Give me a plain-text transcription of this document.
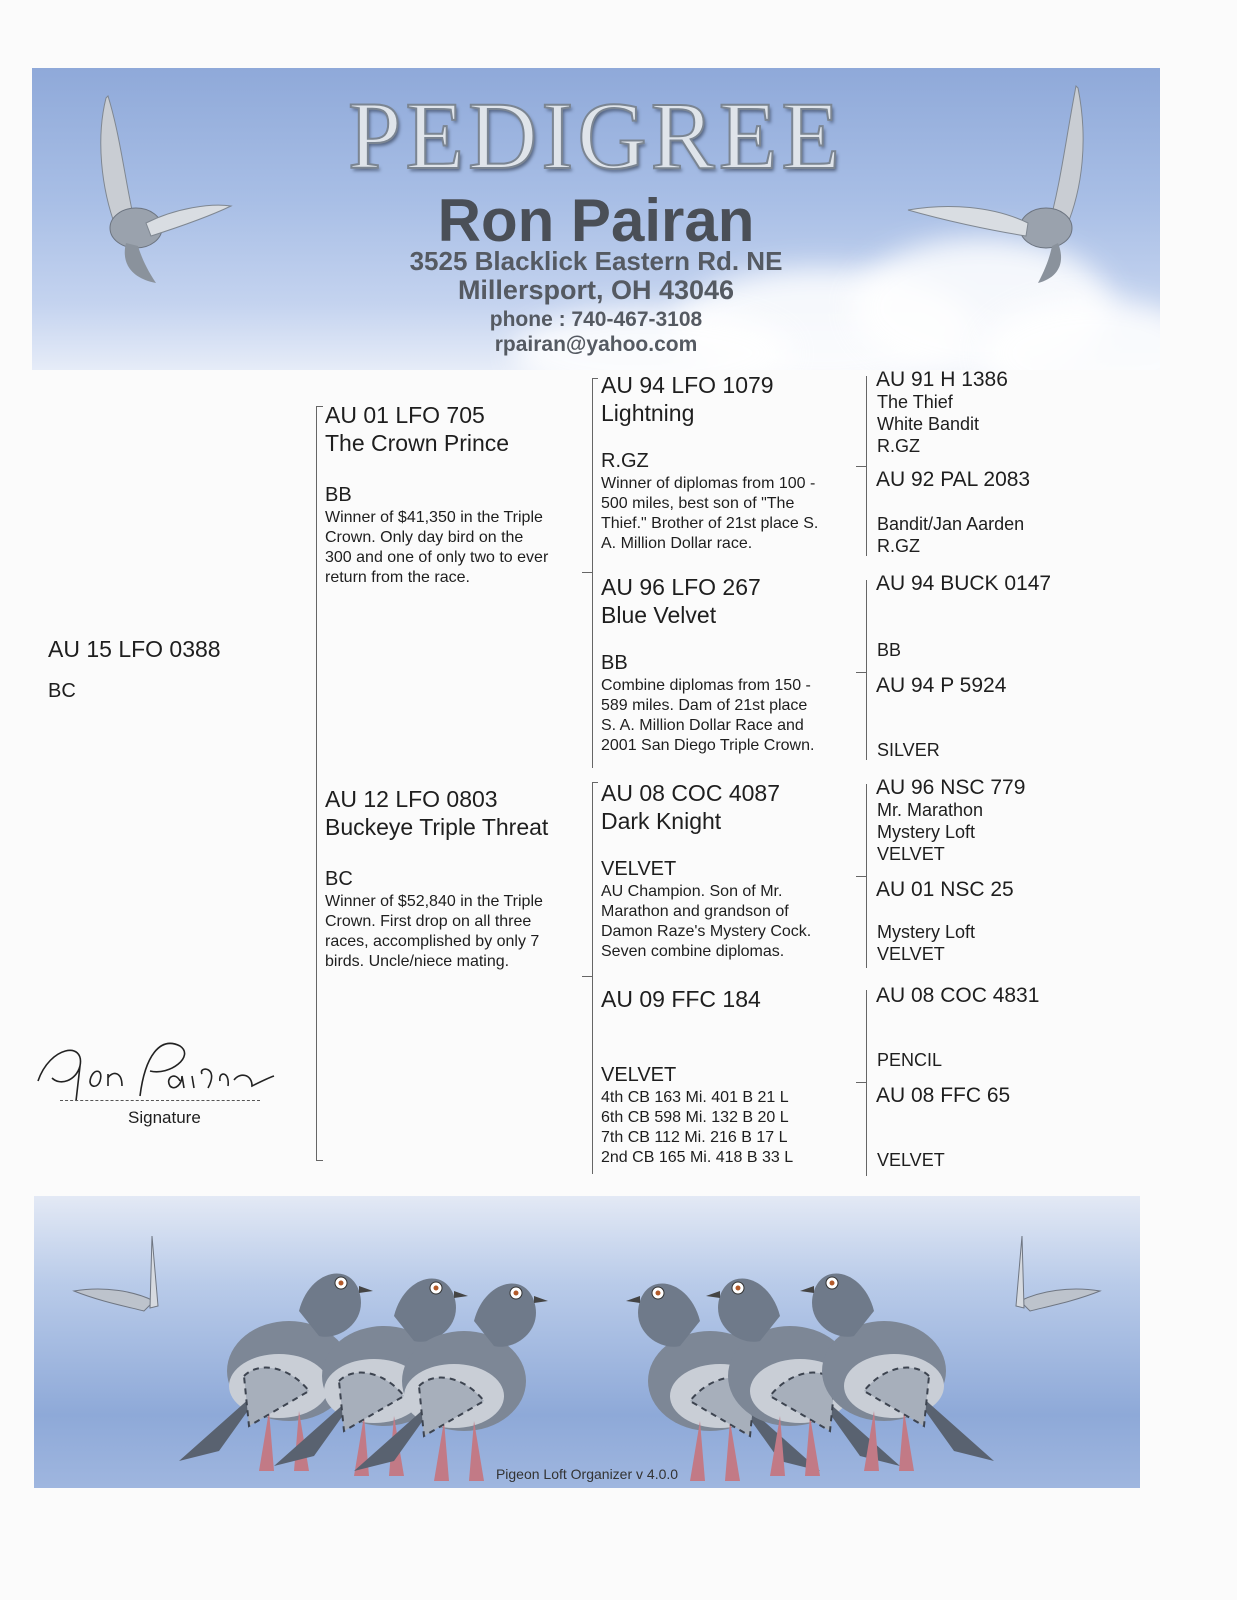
PEDIGREE
Ron Pairan
3525 Blacklick Eastern Rd. NE
Millersport, OH 43046
phone : 740-467-3108
rpairan@yahoo.com
AU 15 LFO 0388
BC
Signature
AU 01 LFO 705
The Crown Prince
BB
Winner of $41,350 in the Triple
Crown. Only day bird on the
300 and one of only two to ever
return from the race.
AU 12 LFO 0803
Buckeye Triple Threat
BC
Winner of $52,840 in the Triple
Crown. First drop on all three
races, accomplished by only 7
birds. Uncle/niece mating.
AU 94 LFO 1079
Lightning
R.GZ
Winner of diplomas from 100 -
500 miles, best son of "The
Thief." Brother of 21st place S.
A. Million Dollar race.
AU 96 LFO 267
Blue Velvet
BB
Combine diplomas from 150 -
589 miles. Dam of 21st place
S. A. Million Dollar Race and
2001 San Diego Triple Crown.
AU 08 COC 4087
Dark Knight
VELVET
AU Champion. Son of Mr.
Marathon and grandson of
Damon Raze's Mystery Cock.
Seven combine diplomas.
AU 09 FFC 184
VELVET
4th CB 163 Mi. 401 B 21 L
6th CB 598 Mi. 132 B 20 L
7th CB 112 Mi. 216 B 17 L
2nd CB 165 Mi. 418 B 33 L
AU 91 H 1386
The Thief
White Bandit
R.GZ
AU 92 PAL 2083
Bandit/Jan Aarden
R.GZ
AU 94 BUCK 0147
BB
AU 94 P 5924
SILVER
AU 96 NSC 779
Mr. Marathon
Mystery Loft
VELVET
AU 01 NSC 25
Mystery Loft
VELVET
AU 08 COC 4831
PENCIL
AU 08 FFC 65
VELVET
Pigeon Loft Organizer v 4.0.0
